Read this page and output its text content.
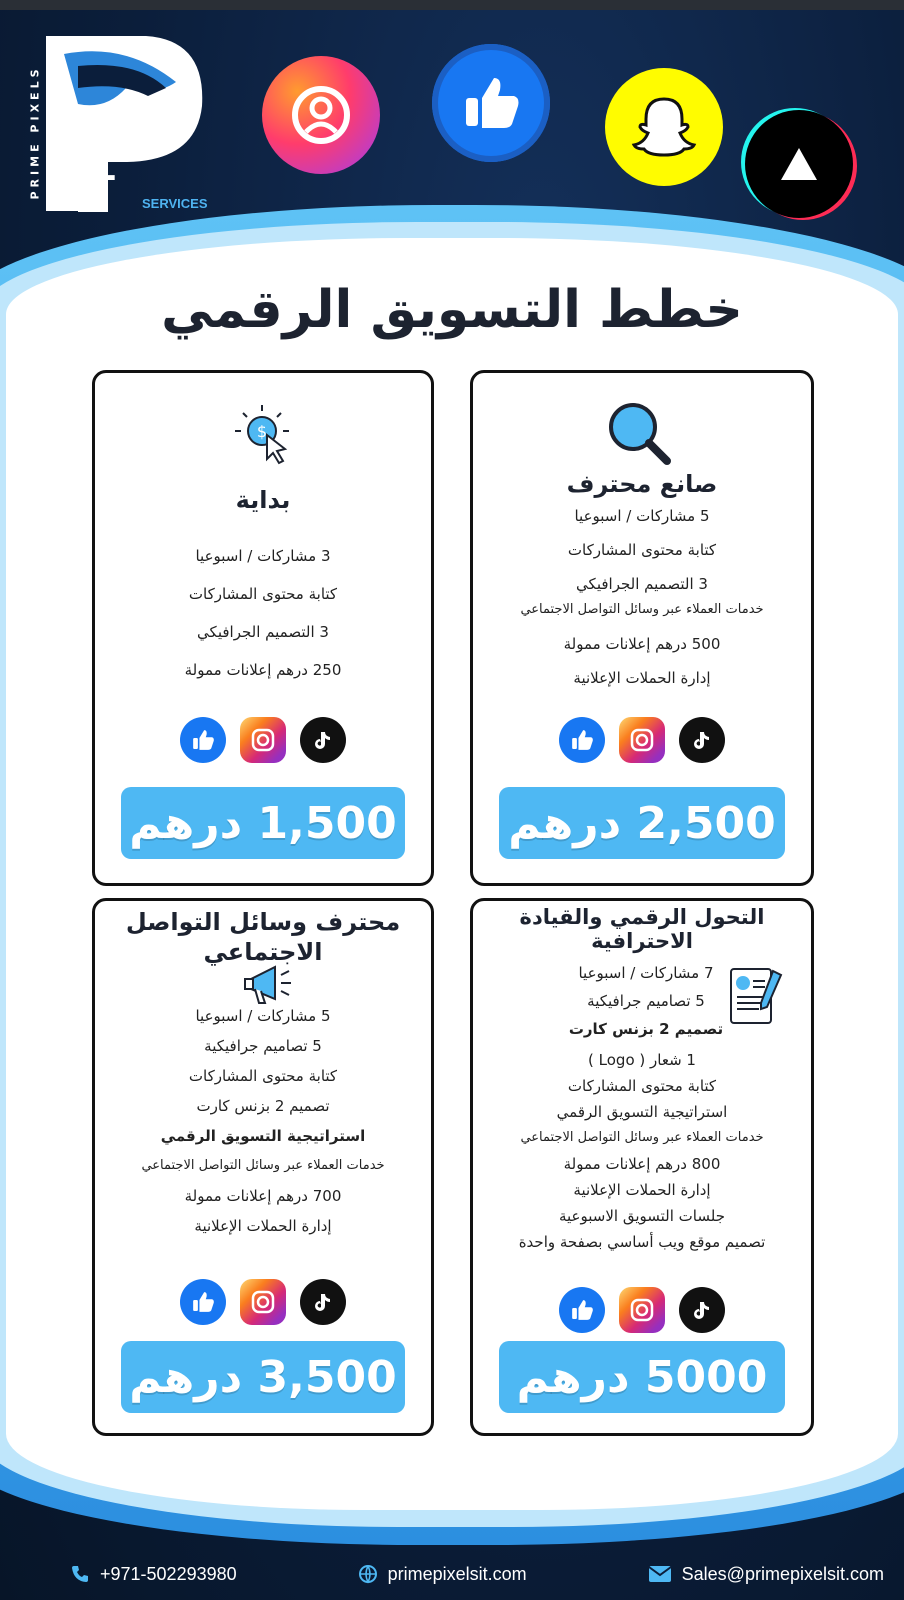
PRIME PIXELS IT SERVICES
خطط التسويق الرقمي
صانع محترف
5 مشاركات / اسبوعيا
كتابة محتوى المشاركات
3 التصميم الجرافيكي
خدمات العملاء عبر وسائل التواصل الاجتماعي
500 درهم إعلانات ممولة
إدارة الحملات الإعلانية
2,500 درهم
$
بداية
3 مشاركات / اسبوعيا
كتابة محتوى المشاركات
3 التصميم الجرافيكي
250 درهم إعلانات ممولة
1,500 درهم
التحول الرقمي والقيادة
الاحترافية
7 مشاركات / اسبوعيا
5 تصاميم جرافيكية
تصميم 2 بزنس كارت
1 شعار ( Logo )
كتابة محتوى المشاركات
استراتيجية التسويق الرقمي
خدمات العملاء عبر وسائل التواصل الاجتماعي
800 درهم إعلانات ممولة
إدارة الحملات الإعلانية
جلسات التسويق الاسبوعية
تصميم موقع ويب أساسي بصفحة واحدة
5000 درهم
محترف وسائل التواصل
الاجتماعي
5 مشاركات / اسبوعيا
5 تصاميم جرافيكية
كتابة محتوى المشاركات
تصميم 2 بزنس كارت
استراتيجية التسويق الرقمي
خدمات العملاء عبر وسائل التواصل الاجتماعي
700 درهم إعلانات ممولة
إدارة الحملات الإعلانية
3,500 درهم
+971-502293980	primepixelsit.com	Sales@primepixelsit.com
